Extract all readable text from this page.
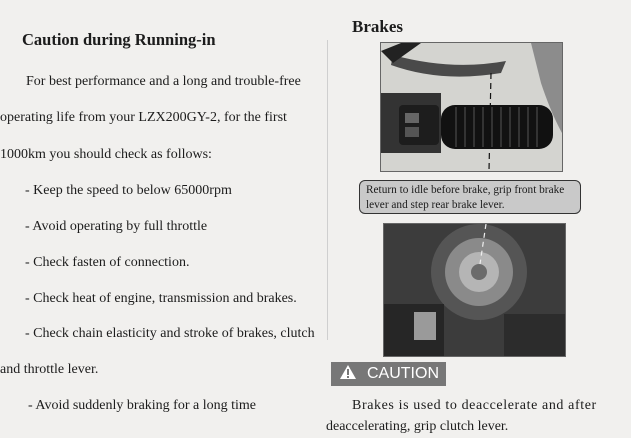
Caution during Running-in
For best performance and a long and trouble-free
operating life from your LZX200GY-2, for the first
1000km you should check as follows:
- Keep the speed to below 65000rpm
- Avoid operating by full throttle
- Check fasten of connection.
- Check heat of engine, transmission and brakes.
- Check chain elasticity and stroke of brakes, clutch
and throttle lever.
- Avoid suddenly braking for a long time
Brakes
Return to idle before brake, grip front brake lever and step rear brake lever.
CAUTION
Brakes is used to deaccelerate and after
deaccelerating, grip clutch lever.
